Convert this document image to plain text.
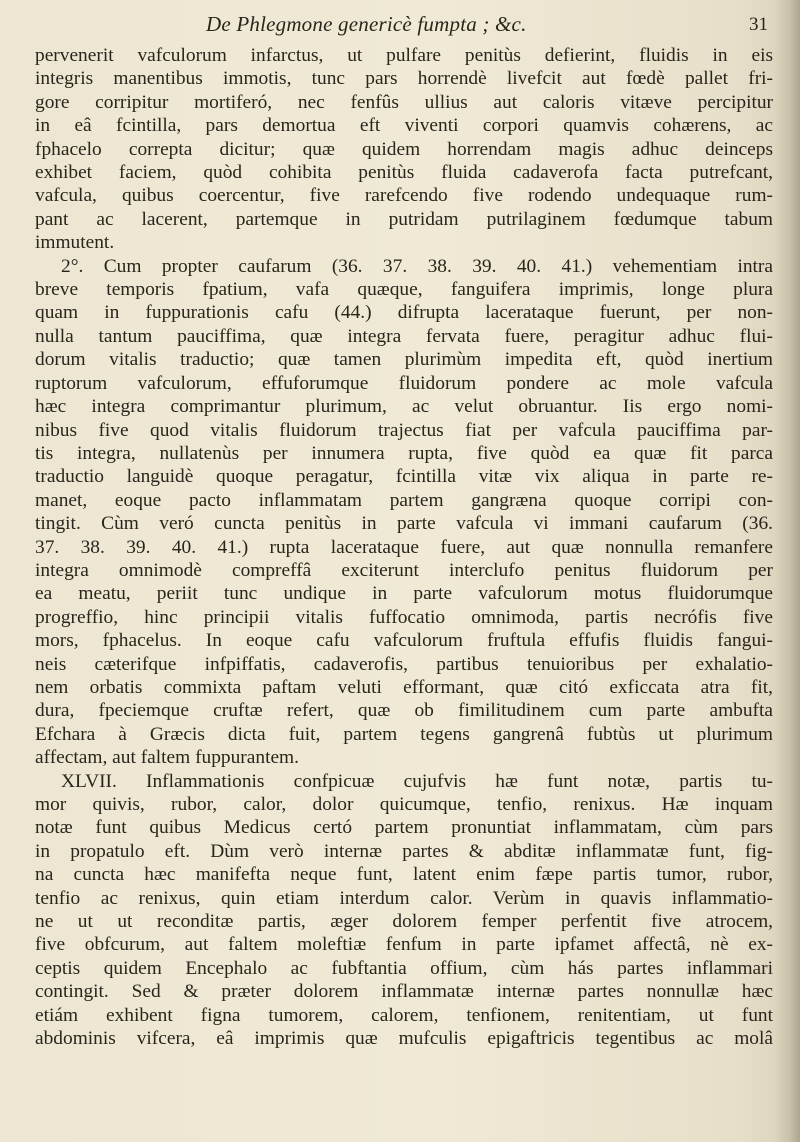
De Phlegmone genericè fumpta ; &c.	31
pervenerit vafculorum infarctus, ut pulfare penitùs defierint, fluidis in eis
integris manentibus immotis, tunc pars horrendè livefcit aut fœdè pallet fri-
gore corripitur mortiferó, nec fenfûs ullius aut caloris vitæve percipitur
in eâ fcintilla, pars demortua eft viventi corpori quamvis cohærens, ac
fphacelo correpta dicitur; quæ quidem horrendam magis adhuc deinceps
exhibet faciem, quòd cohibita penitùs fluida cadaverofa facta putrefcant,
vafcula, quibus coercentur, five rarefcendo five rodendo undequaque rum-
pant ac lacerent, partemque in putridam putrilaginem fœdumque tabum
immutent.
2°. Cum propter caufarum (36. 37. 38. 39. 40. 41.) vehementiam intra
breve temporis fpatium, vafa quæque, fanguifera imprimis, longe plura
quam in fuppurationis cafu (44.) difrupta lacerataque fuerunt, per non-
nulla tantum pauciffima, quæ integra fervata fuere, peragitur adhuc flui-
dorum vitalis traductio; quæ tamen plurimùm impedita eft, quòd inertium
ruptorum vafculorum, effuforumque fluidorum pondere ac mole vafcula
hæc integra comprimantur plurimum, ac velut obruantur. Iis ergo nomi-
nibus five quod vitalis fluidorum trajectus fiat per vafcula pauciffima par-
tis integra, nullatenùs per innumera rupta, five quòd ea quæ fit parca
traductio languidè quoque peragatur, fcintilla vitæ vix aliqua in parte re-
manet, eoque pacto inflammatam partem gangræna quoque corripi con-
tingit. Cùm veró cuncta penitùs in parte vafcula vi immani caufarum (36.
37. 38. 39. 40. 41.) rupta lacerataque fuere, aut quæ nonnulla remanfere
integra omnimodè compreffâ exciterunt interclufo penitus fluidorum per
ea meatu, periit tunc undique in parte vafculorum motus fluidorumque
progreffio, hinc principii vitalis fuffocatio omnimoda, partis necrófis five
mors, fphacelus. In eoque cafu vafculorum fruftula effufis fluidis fangui-
neis cæterifque infpiffatis, cadaverofis, partibus tenuioribus per exhalatio-
nem orbatis commixta paftam veluti efformant, quæ citó exficcata atra fit,
dura, fpeciemque cruftæ refert, quæ ob fimilitudinem cum parte ambufta
Efchara à Græcis dicta fuit, partem tegens gangrenâ fubtùs ut plurimum
affectam, aut faltem fuppurantem.
XLVII. Inflammationis confpicuæ cujufvis hæ funt notæ, partis tu-
mor quivis, rubor, calor, dolor quicumque, tenfio, renixus. Hæ inquam
notæ funt quibus Medicus certó partem pronuntiat inflammatam, cùm pars
in propatulo eft. Dùm verò internæ partes & abditæ inflammatæ funt, fig-
na cuncta hæc manifefta neque funt, latent enim fæpe partis tumor, rubor,
tenfio ac renixus, quin etiam interdum calor. Verùm in quavis inflammatio-
ne ut ut reconditæ partis, æger dolorem femper perfentit five atrocem,
five obfcurum, aut faltem moleftiæ fenfum in parte ipfamet affectâ, nè ex-
ceptis quidem Encephalo ac fubftantia offium, cùm hás partes inflammari
contingit. Sed & præter dolorem inflammatæ internæ partes nonnullæ hæc
etiám exhibent figna tumorem, calorem, tenfionem, renitentiam, ut funt
abdominis vifcera, eâ imprimis quæ mufculis epigaftricis tegentibus ac molâ
